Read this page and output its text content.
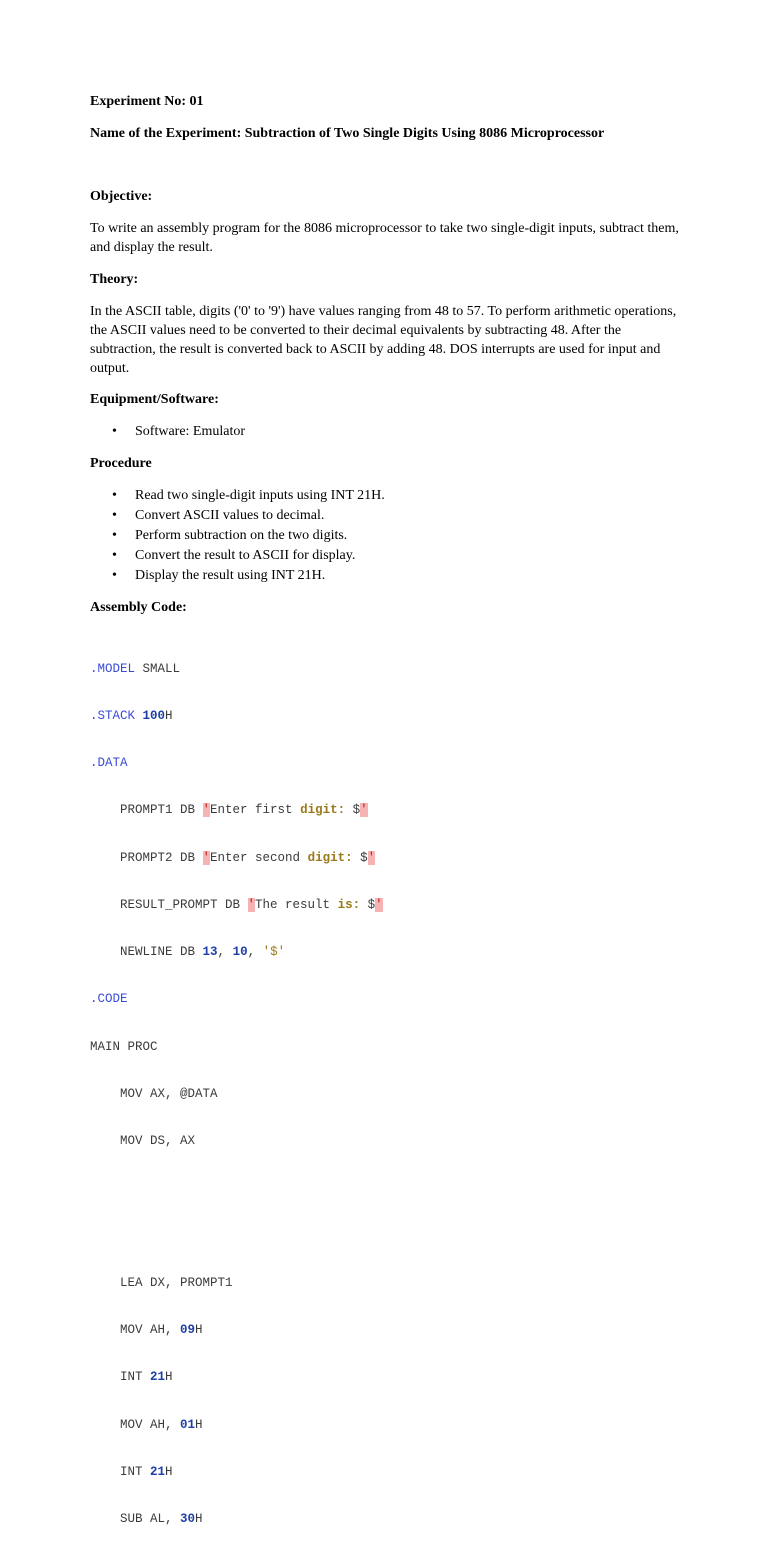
Experiment No: 01

Name of the Experiment: Subtraction of Two Single Digits Using 8086 Microprocessor

Objective:

To write an assembly program for the 8086 microprocessor to take two single-digit inputs, subtract them,
and display the result.

Theory:

In the ASCII table, digits ('0' to '9') have values ranging from 48 to 57. To perform arithmetic operations,
the ASCII values need to be converted to their decimal equivalents by subtracting 48. After the
subtraction, the result is converted back to ASCII by adding 48. DOS interrupts are used for input and
output.

Equipment/Software:

• Software: Emulator

Procedure

• Read two single-digit inputs using INT 21H.
• Convert ASCII values to decimal.
• Perform subtraction on the two digits.
• Convert the result to ASCII for display.
• Display the result using INT 21H.

Assembly Code:

.MODEL SMALL

.STACK 100H

.DATA

PROMPT1 DB 'Enter first digit: $'

PROMPT2 DB 'Enter second digit: $'

RESULT_PROMPT DB 'The result is: $'

NEWLINE DB 13, 10, '$'

.CODE

MAIN PROC

MOV AX, @DATA

MOV DS, AX

LEA DX, PROMPT1

MOV AH, 09H

INT 21H

MOV AH, 01H

INT 21H

SUB AL, 30H
